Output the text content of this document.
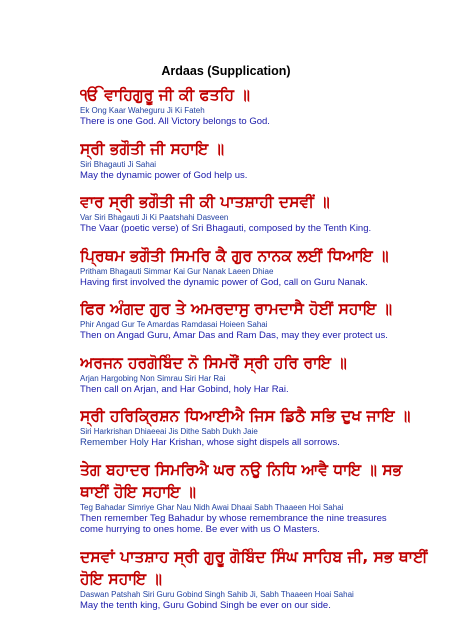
Ardaas (Supplication)
ੴ ਵਾਹਿਗੁਰੂ ਜੀ ਕੀ ਫਤਹਿ ॥
Ek Ong Kaar Waheguru Ji Ki Fateh
There is one God. All Victory belongs to God.
ਸ੍ਰੀ ਭਗੌਤੀ ਜੀ ਸਹਾਇ ॥
Siri Bhagauti Ji Sahai
May the dynamic power of God help us.
ਵਾਰ ਸ੍ਰੀ ਭਗੌਤੀ ਜੀ ਕੀ ਪਾਤਸ਼ਾਹੀ ਦਸਵੀਂ ॥
Var Siri Bhagauti Ji Ki Paatshahi Dasveen
The Vaar (poetic verse) of Sri Bhagauti, composed by the Tenth King.
ਪ੍ਰਿਥਮ ਭਗੌਤੀ ਸਿਮਰਿ ਕੈ ਗੁਰ ਨਾਨਕ ਲਈਂ ਧਿਆਇ ॥
Pritham Bhagauti Simmar Kai Gur Nanak Laeen Dhiae
Having first involved the dynamic power of God, call on Guru Nanak.
ਫਿਰ ਅੰਗਦ ਗੁਰ ਤੇ ਅਮਰਦਾਸੁ ਰਾਮਦਾਸੈ ਹੋਈਂ ਸਹਾਇ ॥
Phir Angad Gur Te Amardas Ramdasai Hoieen Sahai
Then on Angad Guru, Amar Das and Ram Das, may they ever protect us.
ਅਰਜਨ ਹਰਗੋਬਿੰਦ ਨੋ ਸਿਮਰੌਂ ਸ੍ਰੀ ਹਰਿ ਰਾਇ ॥
Arjan Hargobing Non Simrau Siri Har Rai
Then call on Arjan, and Har Gobind, holy Har Rai.
ਸ੍ਰੀ ਹਰਿਕ੍ਰਿਸ਼ਨ ਧਿਆਈਐ ਜਿਸ ਡਿਠੈ ਸਭਿ ਦੁਖ ਜਾਇ ॥
Siri Harkrishan Dhiaeeai Jis Dithe Sabh Dukh Jaie
Remember Holy Har Krishan, whose sight dispels all sorrows.
ਤੇਗ ਬਹਾਦਰ ਸਿਮਰਿਐ ਘਰ ਨਉ ਨਿਧਿ ਆਵੈ ਧਾਇ ॥ ਸਭ
ਥਾਈਂ ਹੋਇ ਸਹਾਇ ॥
Teg Bahadar Simriye Ghar Nau Nidh Awai Dhaai Sabh Thaaeen Hoi Sahai
Then remember Teg Bahadur by whose remembrance the nine treasures
come hurrying to ones home. Be ever with us O Masters.
ਦਸਵਾਂ ਪਾਤਸ਼ਾਹ ਸ੍ਰੀ ਗੁਰੂ ਗੋਬਿੰਦ ਸਿੰਘ ਸਾਹਿਬ ਜੀ, ਸਭ ਥਾਈਂ
ਹੋਇ ਸਹਾਇ ॥
Daswan Patshah Siri Guru Gobind Singh Sahib Ji, Sabh Thaaeen Hoai Sahai
May the tenth king, Guru Gobind Singh be ever on our side.
